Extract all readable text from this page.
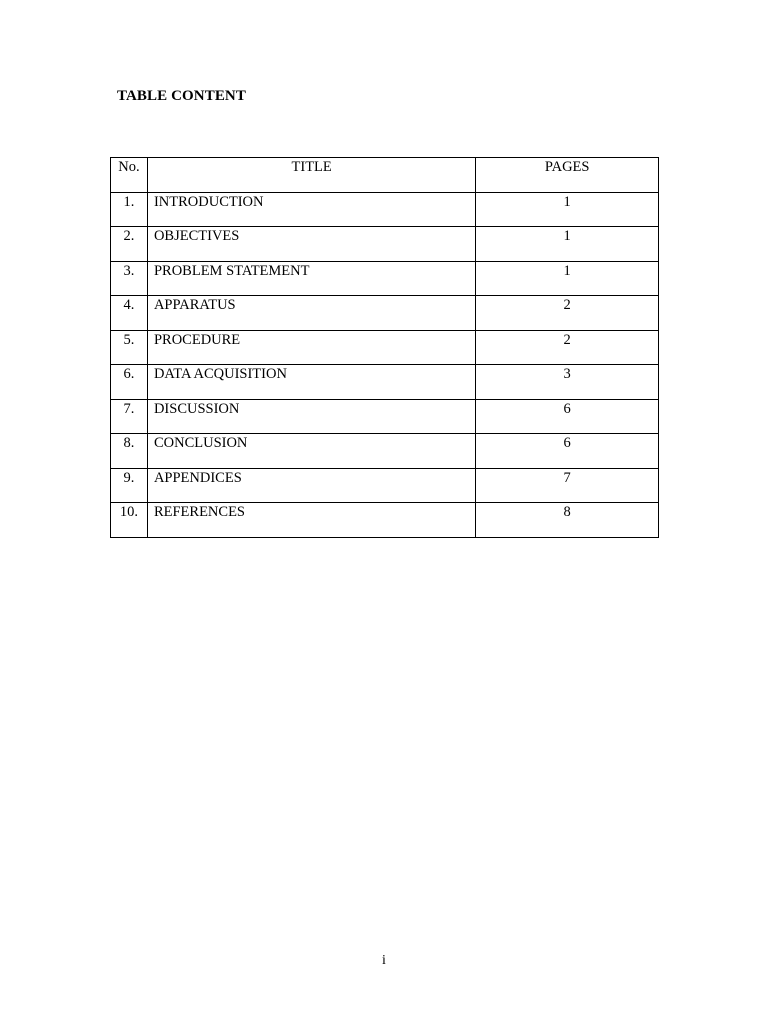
TABLE CONTENT
No.	TITLE	PAGES
1.	INTRODUCTION	1
2.	OBJECTIVES	1
3.	PROBLEM STATEMENT	1
4.	APPARATUS	2
5.	PROCEDURE	2
6.	DATA ACQUISITION	3
7.	DISCUSSION	6
8.	CONCLUSION	6
9.	APPENDICES	7
10.	REFERENCES	8
i
